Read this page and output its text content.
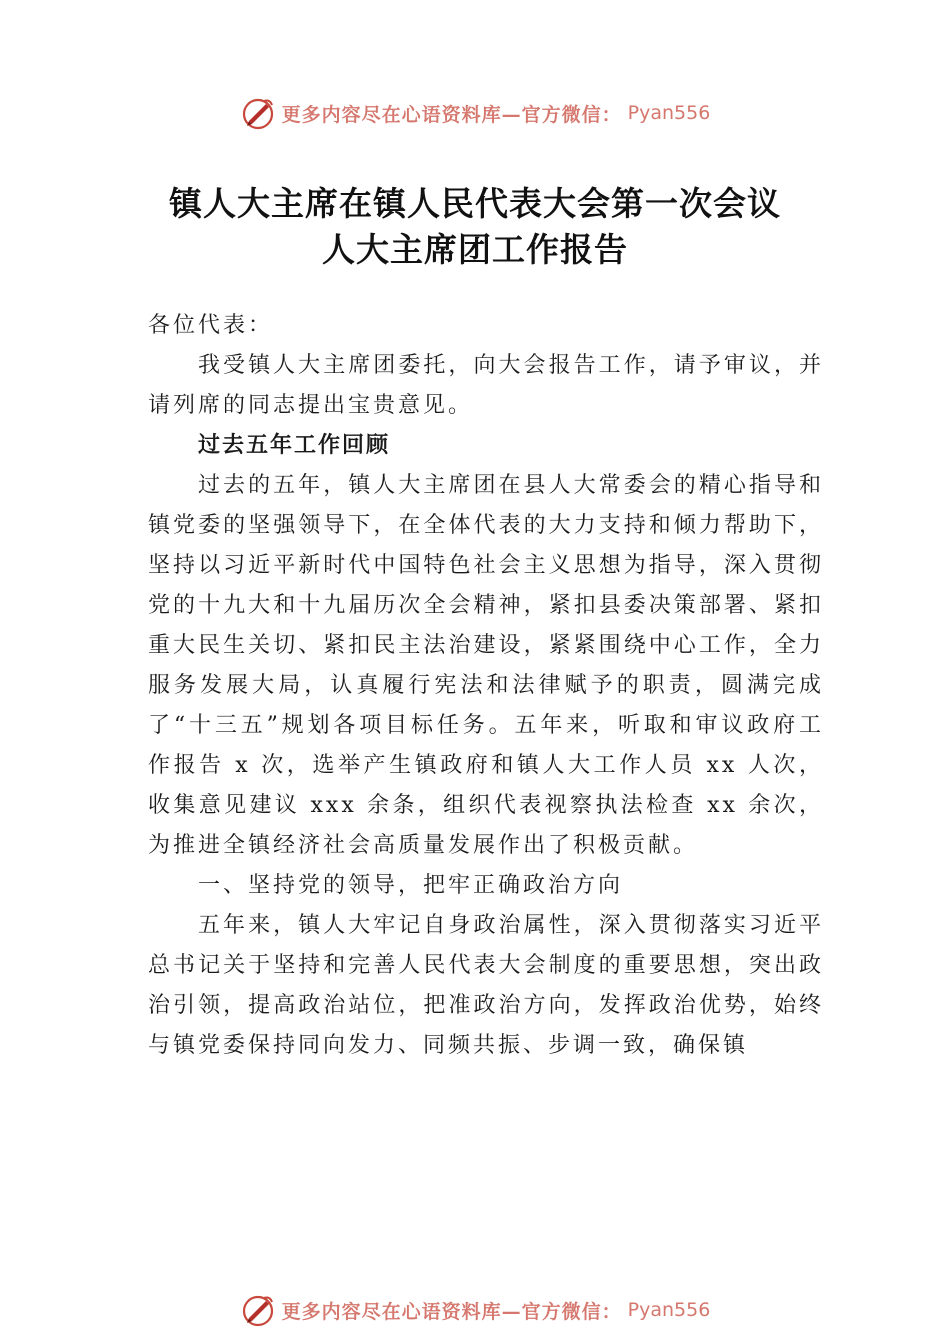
更多内容尽在心语资料库—官方微信： Pyan556
镇人大主席在镇人民代表大会第一次会议
人大主席团工作报告

各位代表：

我受镇人大主席团委托，向大会报告工作，请予审议，并请列席的同志提出宝贵意见。

过去五年工作回顾

过去的五年，镇人大主席团在县人大常委会的精心指导和镇党委的坚强领导下，在全体代表的大力支持和倾力帮助下，坚持以习近平新时代中国特色社会主义思想为指导，深入贯彻党的十九大和十九届历次全会精神，紧扣县委决策部署、紧扣重大民生关切、紧扣民主法治建设，紧紧围绕中心工作，全力服务发展大局，认真履行宪法和法律赋予的职责，圆满完成了“十三五”规划各项目标任务。五年来，听取和审议政府工作报告 x 次，选举产生镇政府和镇人大工作人员 xx 人次，收集意见建议 xxx 余条，组织代表视察执法检查 xx 余次，为推进全镇经济社会高质量发展作出了积极贡献。

一、坚持党的领导，把牢正确政治方向

五年来，镇人大牢记自身政治属性，深入贯彻落实习近平总书记关于坚持和完善人民代表大会制度的重要思想，突出政治引领，提高政治站位，把准政治方向，发挥政治优势，始终与镇党委保持同向发力、同频共振、步调一致，确保镇

更多内容尽在心语资料库—官方微信： Pyan556
